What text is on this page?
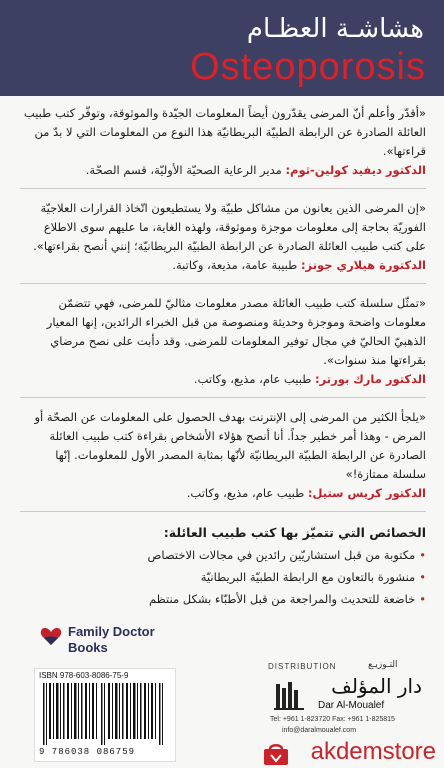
هشاشـة العظـام
Osteoporosis
«أقدّر وأعلم أنّ المرضى يقدّرون أيضاً المعلومات الجيّدة والموثوقة، وتوفّر كتب طبيب العائلة الصادرة عن الرابطة الطبيّة البريطانيّة هذا النوع من المعلومات التي لا بدّ من قراءتها».
الدكتور ديفيد كولين-ثوم: مدير الرعاية الصحيّة الأوليّة، قسم الصحّة.
«إن المرضى الذين يعانون من مشاكل طبيّة ولا يستطيعون اتّخاذ القرارات العلاجيّة الفوريّة بحاجة إلى معلومات موجزة وموثوقة، ولهذه الغاية، ما عليهم سوى الاطلاع على كتب طبيب العائلة الصادرة عن الرابطة الطبيّة البريطانيّة؛ إنني أنصح بقراءتها».
الدكتورة هيلاري جونز: طبيبة عامة، مذيعة، وكاتبة.
«تمثّل سلسلة كتب طبيب العائلة مصدر معلومات مثاليّ للمرضى، فهي تتضمّن معلومات واضحة وموجزة وحديثة ومنصوصة من قبل الخبراء الرائدين، إنها المعيار الذهبيّ الحاليّ في مجال توفير المعلومات للمرضى. وقد دأبت على نصح مرضاي بقراءتها منذ سنوات».
الدكتور مارك بورتر: طبيب عام، مذيع، وكاتب.
«يلجأ الكثير من المرضى إلى الإنترنت بهدف الحصول على المعلومات عن الصحّة أو المرض - وهذا أمر خطير جداً. أنا أنصح هؤلاء الأشخاص بقراءة كتب طبيب العائلة الصادرة عن الرابطة الطبيّة البريطانيّة لأنّها بمثابة المصدر الأول للمعلومات. إنّها سلسلة ممتازة!»
الدكتور كريس ستيل: طبيب عام، مذيع، وكاتب.
الخصائص التي تتميّز بها كتب طبيب العائلة:
•مكتوبة من قبل استشاريّين رائدين في مجالات الاختصاص
•منشورة بالتعاون مع الرابطة الطبيّة البريطانيّة
•خاضعة للتحديث والمراجعة من قبل الأطبّاء بشكل منتظم
Family Doctor
Books
ISBN 978-603-8086-75-9
9 786038 086759
DISTRIBUTION	التـوزيـع
دار المؤلف
Dar Al-Moualef
Tel: +961 1-823720 Fax: +961 1-825815
info@daralmoualef.com
akdemstore
